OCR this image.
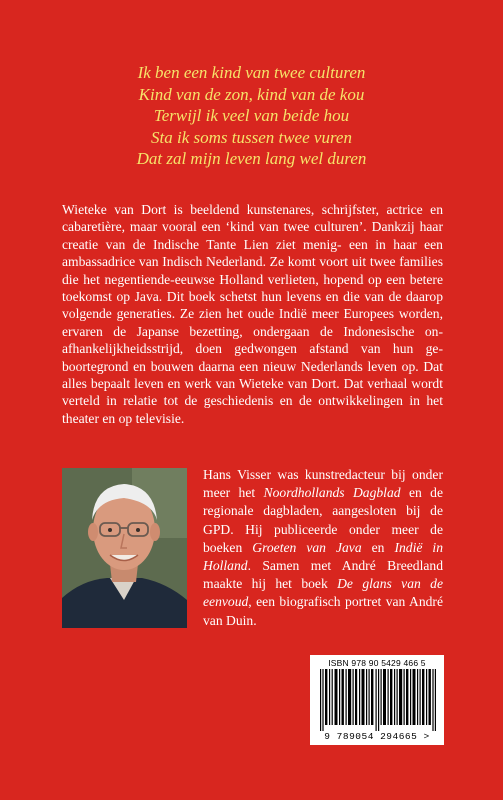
Ik ben een kind van twee culturen
Kind van de zon, kind van de kou
Terwijl ik veel van beide hou
Sta ik soms tussen twee vuren
Dat zal mijn leven lang wel duren
Wieteke van Dort is beeldend kunstenares, schrijfster, actrice en cabaretière, maar vooral een ‘kind van twee culturen’. Dankzij haar creatie van de Indische Tante Lien ziet menig- een in haar een ambassadrice van Indisch Nederland. Ze komt voort uit twee families die het negentiende-eeuwse Holland verlieten, hopend op een betere toekomst op Java. Dit boek schetst hun levens en die van de daarop volgende generaties. Ze zien het oude Indië meer Europees worden, ervaren de Japanse bezetting, ondergaan de Indonesische on- afhankelijkheidsstrijd, doen gedwongen afstand van hun ge- boortegrond en bouwen daarna een nieuw Nederlands leven op. Dat alles bepaalt leven en werk van Wieteke van Dort. Dat verhaal wordt verteld in relatie tot de geschiedenis en de ontwikkelingen in het theater en op televisie.
Hans Visser was kunstredacteur bij onder meer het Noordhollands Dagblad en de regionale dagbladen, aangesloten bij de GPD. Hij publiceerde onder meer de boeken Groeten van Java en Indië in Holland. Samen met André Breedland maakte hij het boek De glans van de eenvoud, een biografisch portret van André van Duin.
ISBN 978 90 5429 466 5
9 789054 294665 >
